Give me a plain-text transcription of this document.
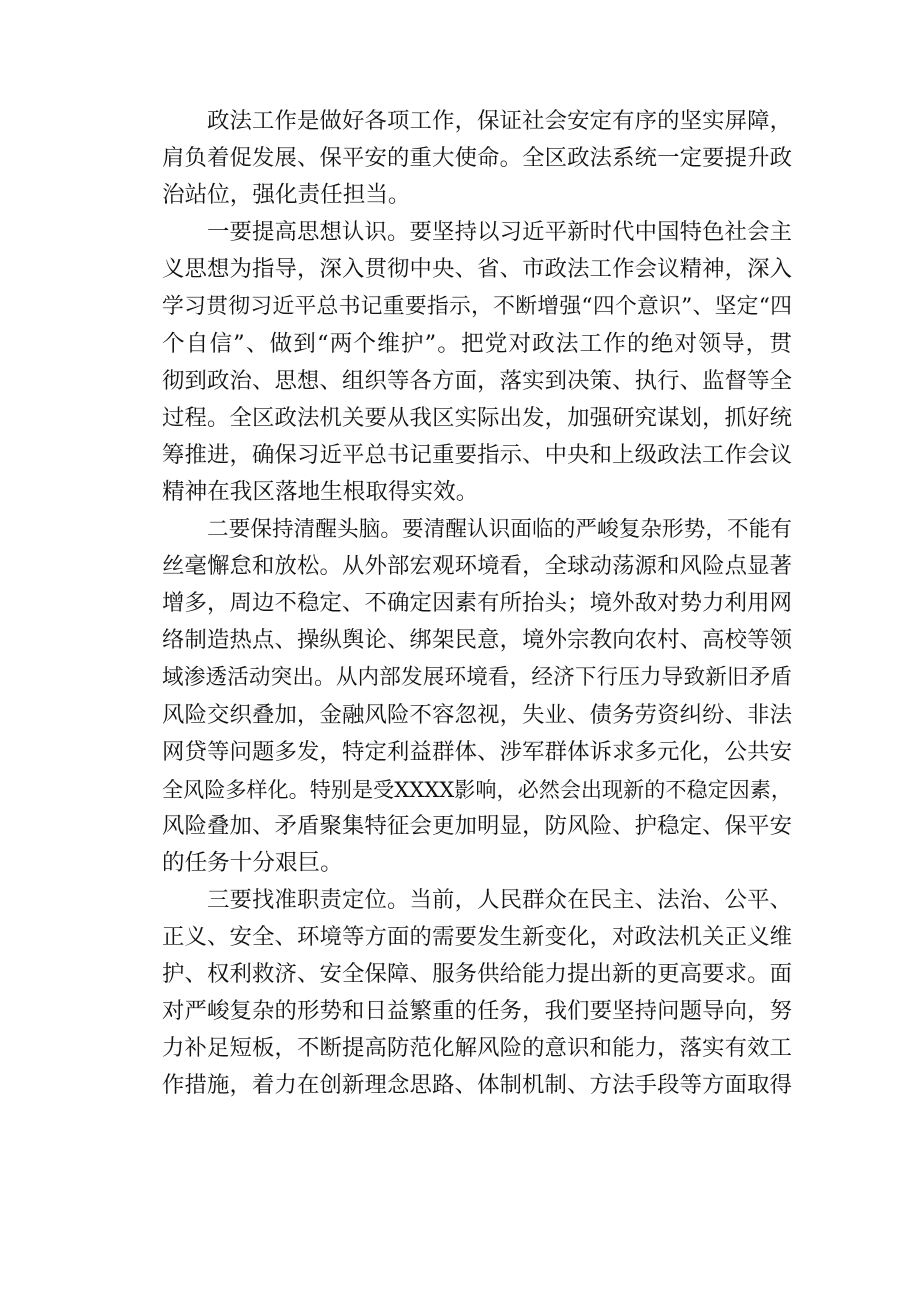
政法工作是做好各项工作，保证社会安定有序的坚实屏障，
肩负着促发展、保平安的重大使命。全区政法系统一定要提升政
治站位，强化责任担当。

一要提高思想认识。要坚持以习近平新时代中国特色社会主
义思想为指导，深入贯彻中央、省、市政法工作会议精神，深入
学习贯彻习近平总书记重要指示，不断增强“四个意识”、坚定“四
个自信”、做到“两个维护”。把党对政法工作的绝对领导，贯
彻到政治、思想、组织等各方面，落实到决策、执行、监督等全
过程。全区政法机关要从我区实际出发，加强研究谋划，抓好统
筹推进，确保习近平总书记重要指示、中央和上级政法工作会议
精神在我区落地生根取得实效。

二要保持清醒头脑。要清醒认识面临的严峻复杂形势，不能有
丝毫懈怠和放松。从外部宏观环境看，全球动荡源和风险点显著
增多，周边不稳定、不确定因素有所抬头；境外敌对势力利用网
络制造热点、操纵舆论、绑架民意，境外宗教向农村、高校等领
域渗透活动突出。从内部发展环境看，经济下行压力导致新旧矛盾
风险交织叠加，金融风险不容忽视，失业、债务劳资纠纷、非法
网贷等问题多发，特定利益群体、涉军群体诉求多元化，公共安
全风险多样化。特别是受XXXX影响，必然会出现新的不稳定因素，
风险叠加、矛盾聚集特征会更加明显，防风险、护稳定、保平安
的任务十分艰巨。

三要找准职责定位。当前，人民群众在民主、法治、公平、
正义、安全、环境等方面的需要发生新变化，对政法机关正义维
护、权利救济、安全保障、服务供给能力提出新的更高要求。面
对严峻复杂的形势和日益繁重的任务，我们要坚持问题导向，努
力补足短板，不断提高防范化解风险的意识和能力，落实有效工
作措施，着力在创新理念思路、体制机制、方法手段等方面取得
